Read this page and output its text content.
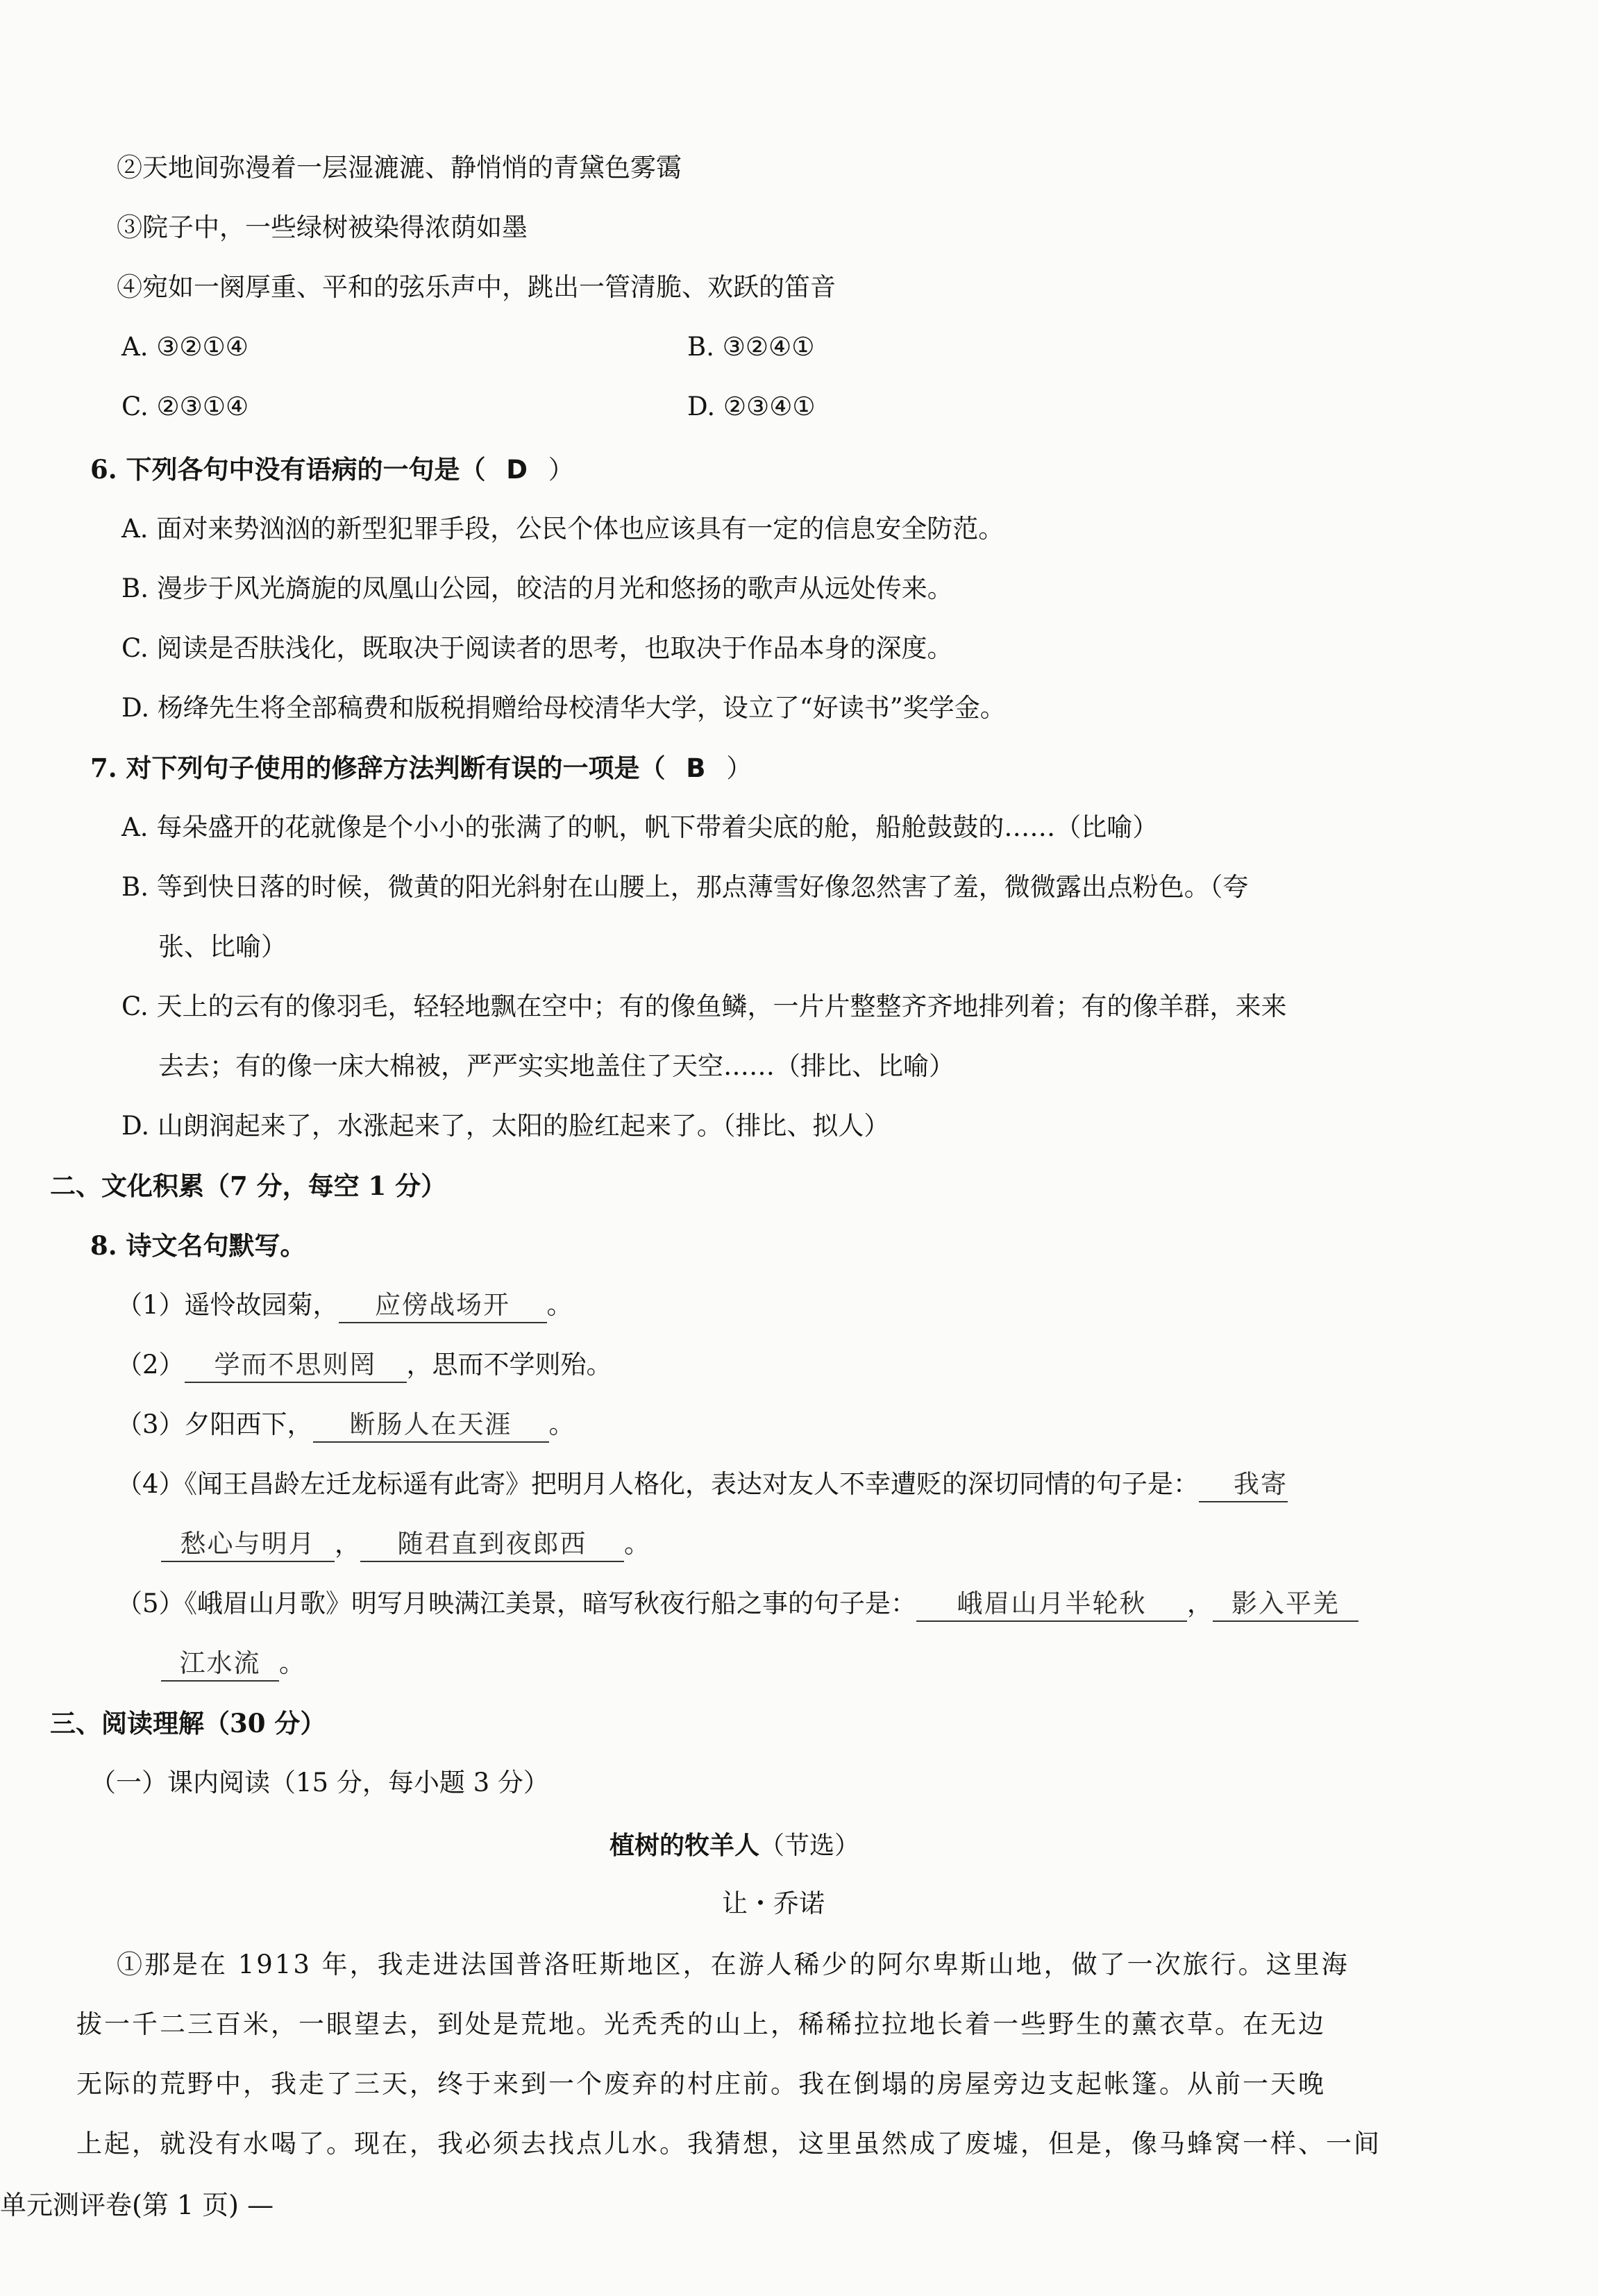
②天地间弥漫着一层湿漉漉、静悄悄的青黛色雾霭
③院子中，一些绿树被染得浓荫如墨
④宛如一阕厚重、平和的弦乐声中，跳出一管清脆、欢跃的笛音
A. ③②①④	B. ③②④①
C. ②③①④	D. ②③④①
6. 下列各句中没有语病的一句是（ D ）
A. 面对来势汹汹的新型犯罪手段，公民个体也应该具有一定的信息安全防范。
B. 漫步于风光旖旎的凤凰山公园，皎洁的月光和悠扬的歌声从远处传来。
C. 阅读是否肤浅化，既取决于阅读者的思考，也取决于作品本身的深度。
D. 杨绛先生将全部稿费和版税捐赠给母校清华大学，设立了“好读书”奖学金。
7. 对下列句子使用的修辞方法判断有误的一项是（ B ）
A. 每朵盛开的花就像是个小小的张满了的帆，帆下带着尖底的舱，船舱鼓鼓的……（比喻）
B. 等到快日落的时候，微黄的阳光斜射在山腰上，那点薄雪好像忽然害了羞，微微露出点粉色。（夸
张、比喻）
C. 天上的云有的像羽毛，轻轻地飘在空中；有的像鱼鳞，一片片整整齐齐地排列着；有的像羊群，来来
去去；有的像一床大棉被，严严实实地盖住了天空……（排比、比喻）
D. 山朗润起来了，水涨起来了，太阳的脸红起来了。（排比、拟人）
二、文化积累（7 分，每空 1 分）
8. 诗文名句默写。
（1）遥怜故园菊， 应傍战场开 。
（2） 学而不思则罔 ，思而不学则殆。
（3）夕阳西下， 断肠人在天涯 。
（4）《闻王昌龄左迁龙标遥有此寄》把明月人格化，表达对友人不幸遭贬的深切同情的句子是： 我寄
愁心与明月 ， 随君直到夜郎西 。
（5）《峨眉山月歌》明写月映满江美景，暗写秋夜行船之事的句子是： 峨眉山月半轮秋 ， 影入平羌
江水流 。
三、阅读理解（30 分）
（一）课内阅读（15 分，每小题 3 分）
植树的牧羊人（节选）
让・乔诺
①那是在 1913 年，我走进法国普洛旺斯地区，在游人稀少的阿尔卑斯山地，做了一次旅行。这里海
拔一千二三百米，一眼望去，到处是荒地。光秃秃的山上，稀稀拉拉地长着一些野生的薰衣草。在无边
无际的荒野中，我走了三天，终于来到一个废弃的村庄前。我在倒塌的房屋旁边支起帐篷。从前一天晚
上起，就没有水喝了。现在，我必须去找点儿水。我猜想，这里虽然成了废墟，但是，像马蜂窝一样、一间
单元测评卷(第 1 页) —
